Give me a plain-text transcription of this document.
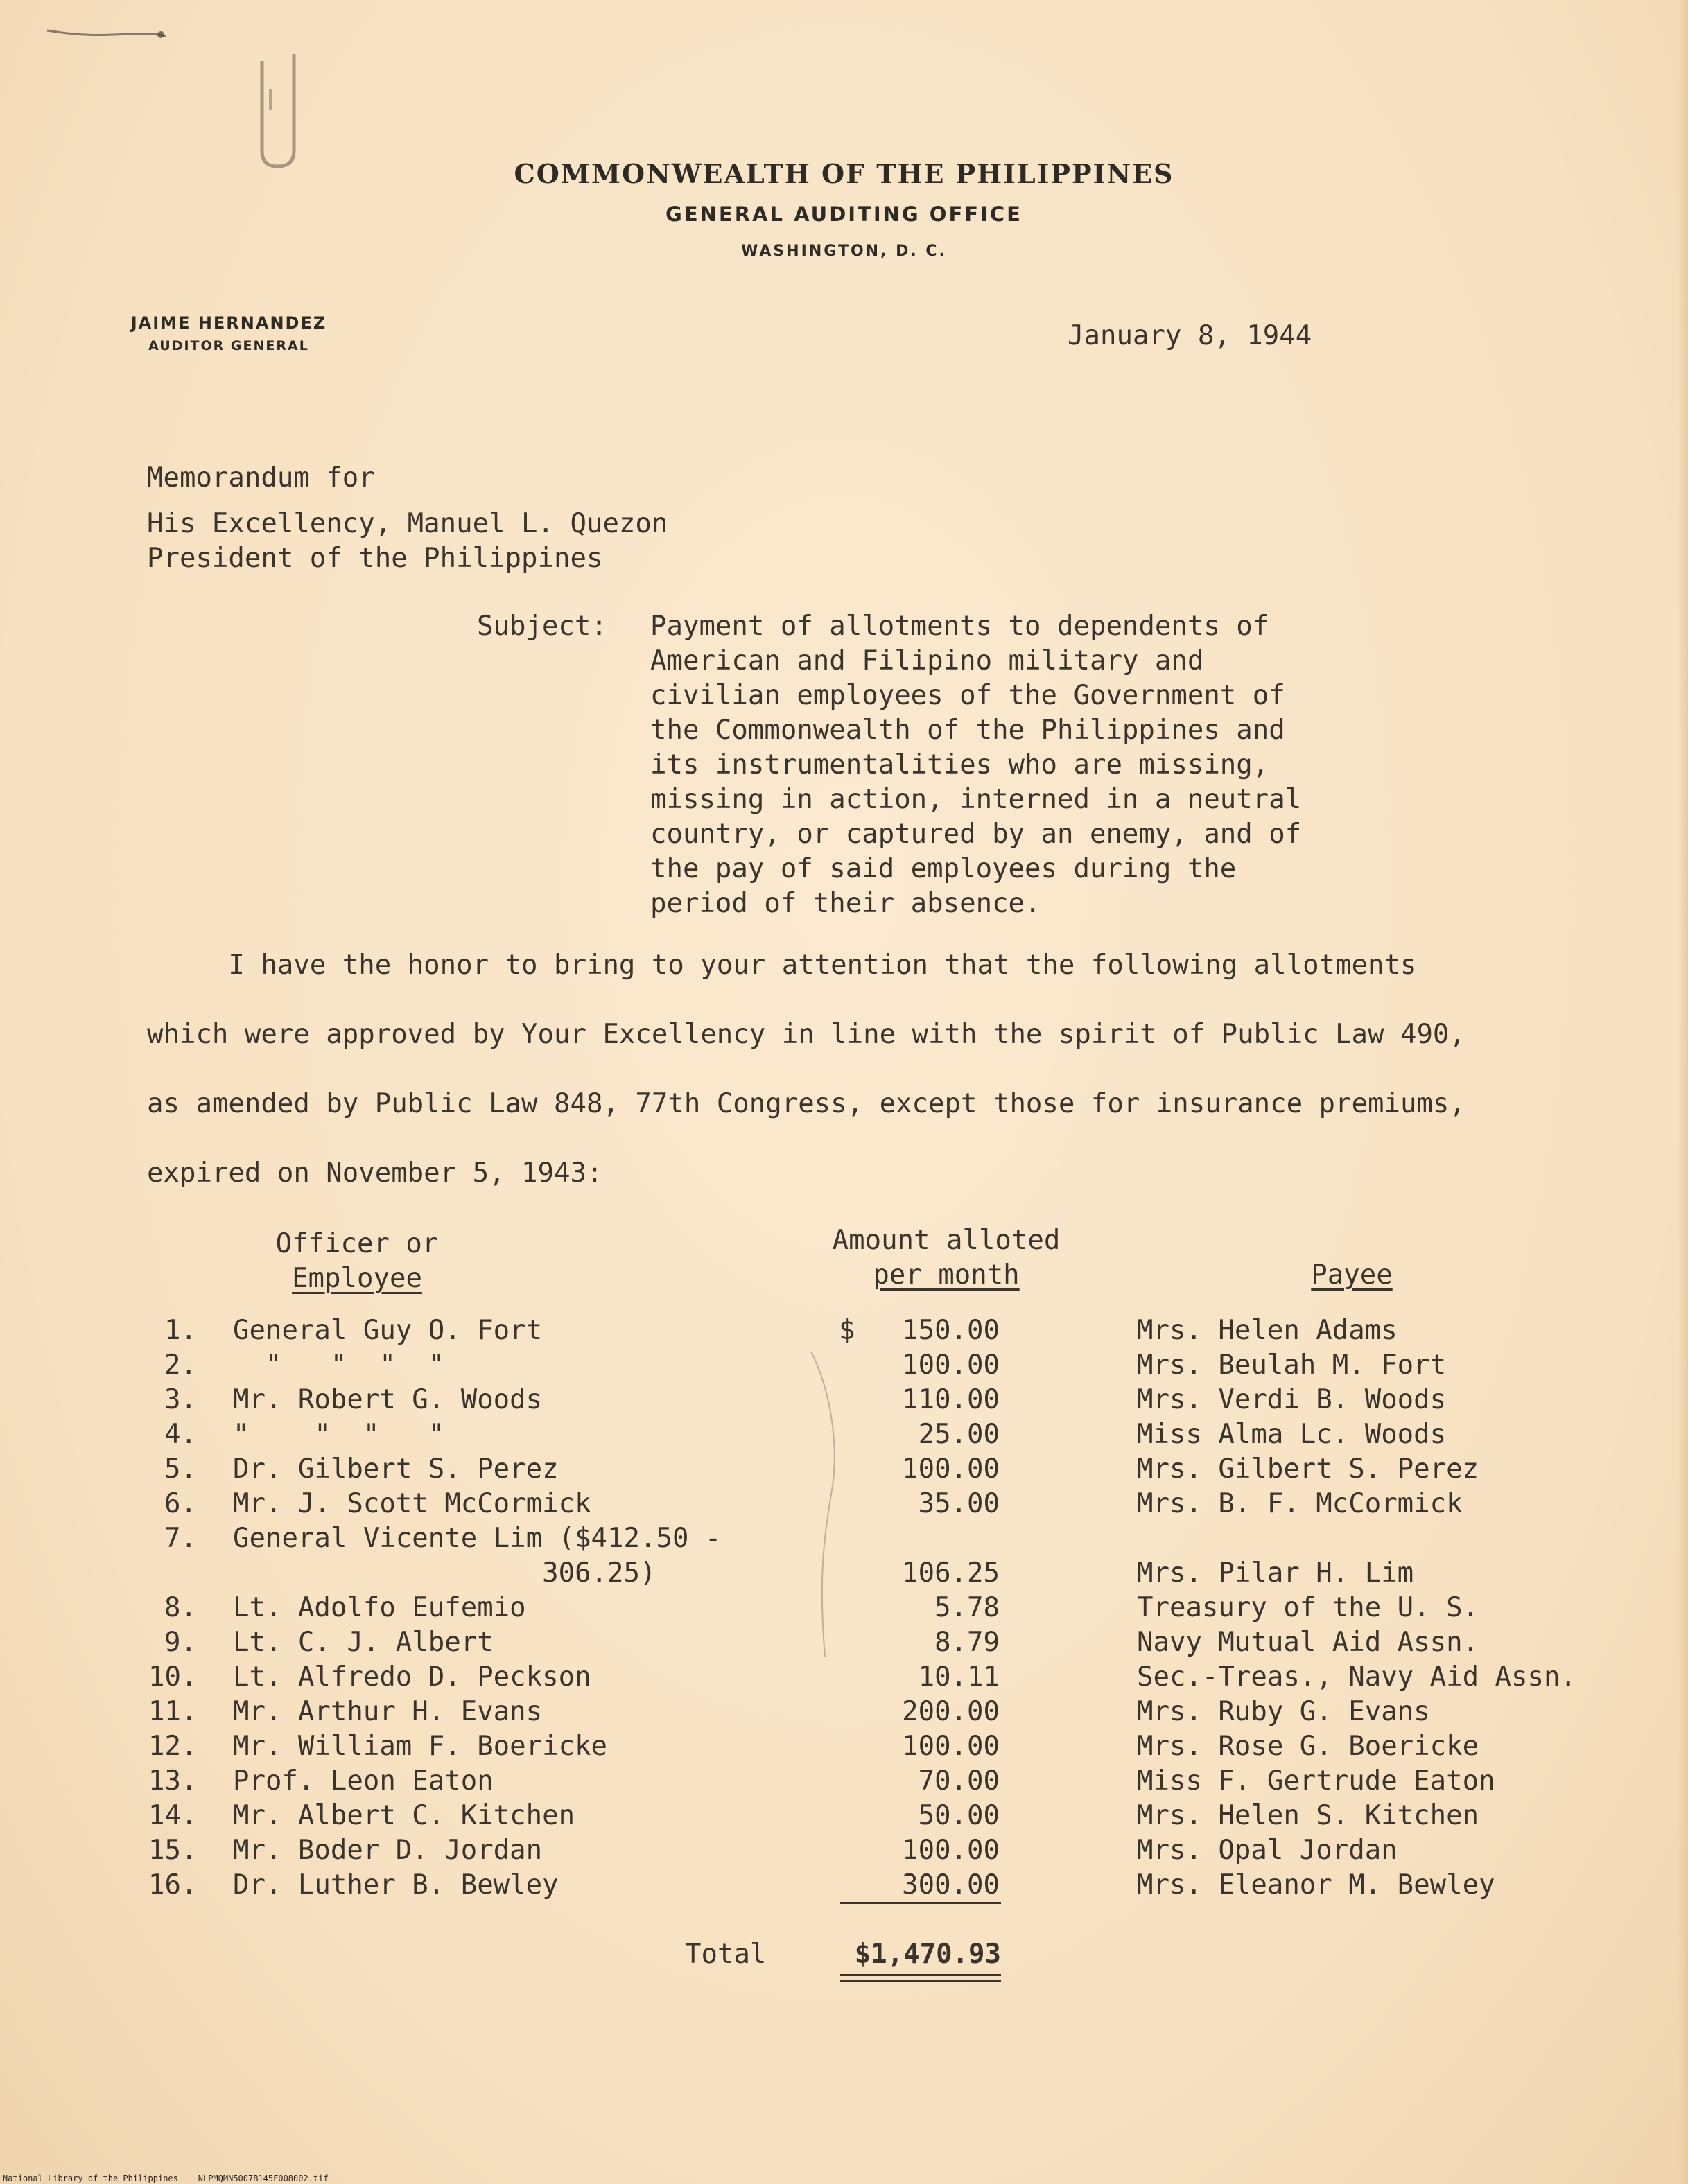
COMMONWEALTH OF THE PHILIPPINES
GENERAL AUDITING OFFICE
WASHINGTON, D. C.
JAIME HERNANDEZ
AUDITOR GENERAL	January 8, 1944
Memorandum for
His Excellency, Manuel L. Quezon
President of the Philippines
Subject: Payment of allotments to dependents of
American and Filipino military and
civilian employees of the Government of
the Commonwealth of the Philippines and
its instrumentalities who are missing,
missing in action, interned in a neutral
country, or captured by an enemy, and of
the pay of said employees during the
period of their absence.
I have the honor to bring to your attention that the following allotments
which were approved by Your Excellency in line with the spirit of Public Law 490,
as amended by Public Law 848, 77th Congress, except those for insurance premiums,
expired on November 5, 1943:
Officer or
Employee
Amount alloted
per month	Payee
$
1. General Guy O. Fort	150.00	Mrs. Helen Adams
2. "   "  "  "	100.00	Mrs. Beulah M. Fort
3. Mr. Robert G. Woods	110.00	Mrs. Verdi B. Woods
4. "    "  "   "	25.00	Miss Alma Lc. Woods
5. Dr. Gilbert S. Perez	100.00	Mrs. Gilbert S. Perez
6. Mr. J. Scott McCormick	35.00	Mrs. B. F. McCormick
7. General Vicente Lim ($412.50 -
306.25)	106.25	Mrs. Pilar H. Lim
8. Lt. Adolfo Eufemio	5.78	Treasury of the U. S.
9. Lt. C. J. Albert	8.79	Navy Mutual Aid Assn.
10. Lt. Alfredo D. Peckson	10.11	Sec.-Treas., Navy Aid Assn.
11. Mr. Arthur H. Evans	200.00	Mrs. Ruby G. Evans
12. Mr. William F. Boericke	100.00	Mrs. Rose G. Boericke
13. Prof. Leon Eaton	70.00	Miss F. Gertrude Eaton
14. Mr. Albert C. Kitchen	50.00	Mrs. Helen S. Kitchen
15. Mr. Boder D. Jordan	100.00	Mrs. Opal Jordan
16. Dr. Luther B. Bewley	300.00	Mrs. Eleanor M. Bewley
Total	$1,470.93
National Library of the Philippines    NLPMQMN5007B145F008002.tif
